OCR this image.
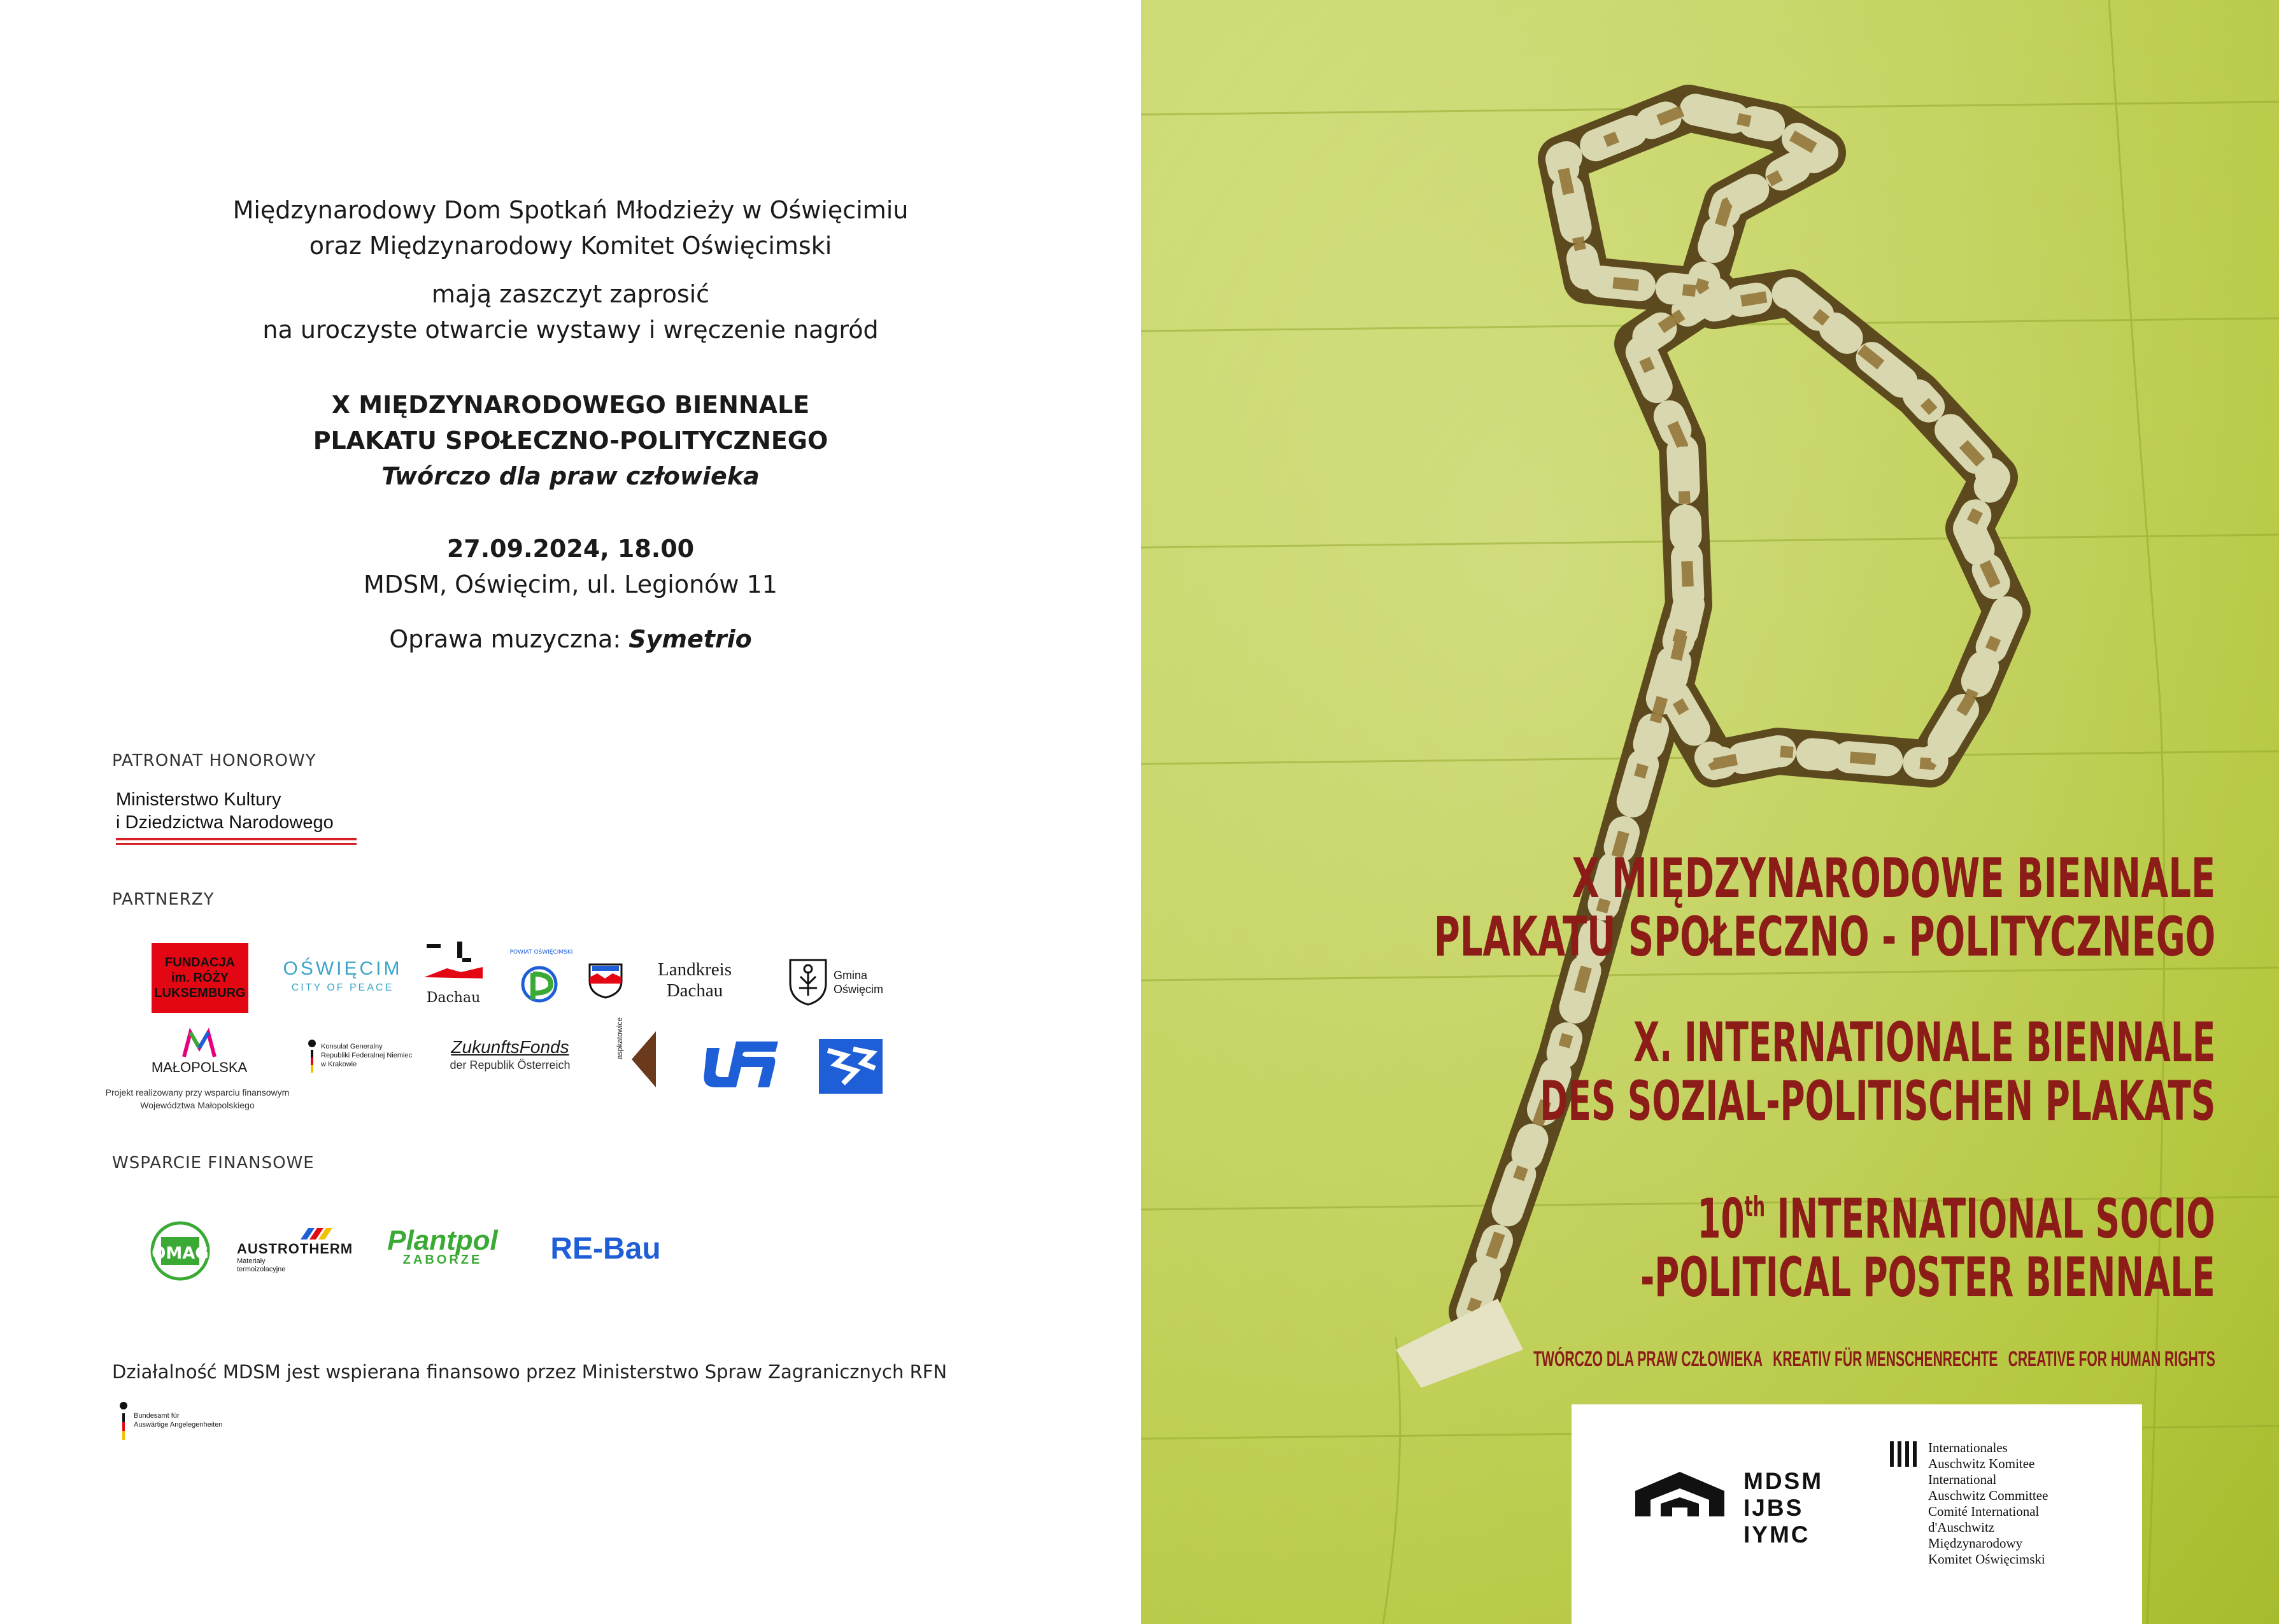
Międzynarodowy Dom Spotkań Młodzieży w Oświęcimiu
oraz Międzynarodowy Komitet Oświęcimski
mają zaszczyt zaprosić
na uroczyste otwarcie wystawy i wręczenie nagród
X MIĘDZYNARODOWEGO BIENNALE
PLAKATU SPOŁECZNO-POLITYCZNEGO
Twórczo dla praw człowieka
27.09.2024, 18.00
MDSM, Oświęcim, ul. Legionów 11
Oprawa muzyczna: Symetrio
PATRONAT HONOROWY
Ministerstwo Kultury
i Dziedzictwa Narodowego
PARTNERZY
FUNDACJA
im. RÓŻY
LUKSEMBURG
OŚWIĘCIM
CITY OF PEACE
Dachau
POWIAT OŚWIĘCIMSKI
Landkreis Dachau
Gmina
Oświęcim
MAŁOPOLSKA
Projekt realizowany przy wsparciu finansowym
Województwa Małopolskiego
Konsulat Generalny
Republiki Federalnej Niemiec
w Krakowie
ZukunftsFonds
der Republik Österreich
aspkatowice
WSPARCIE FINANSOWE
OMAG AUSTROTHERM
Materiały
termoizolacyjne
Plantpol
ZABORZE	RE-Bau
Działalność MDSM jest wspierana finansowo przez Ministerstwo Spraw Zagranicznych RFN
Bundesamt für
Auswärtige Angelegenheiten
X MIĘDZYNARODOWE BIENNALE
PLAKATU SPOŁECZNO - POLITYCZNEGO
X. INTERNATIONALE BIENNALE
DES SOZIAL-POLITISCHEN PLAKATS
10th INTERNATIONAL SOCIO
-POLITICAL POSTER BIENNALE
TWÓRCZO DLA PRAW CZŁOWIEKA KREATIV FÜR MENSCHENRECHTE CREATIVE FOR HUMAN RIGHTS
MDSM
IJBS
IYMC
Internationales
Auschwitz Komitee
International
Auschwitz Committee
Comité International
d'Auschwitz
Międzynarodowy
Komitet Oświęcimski
